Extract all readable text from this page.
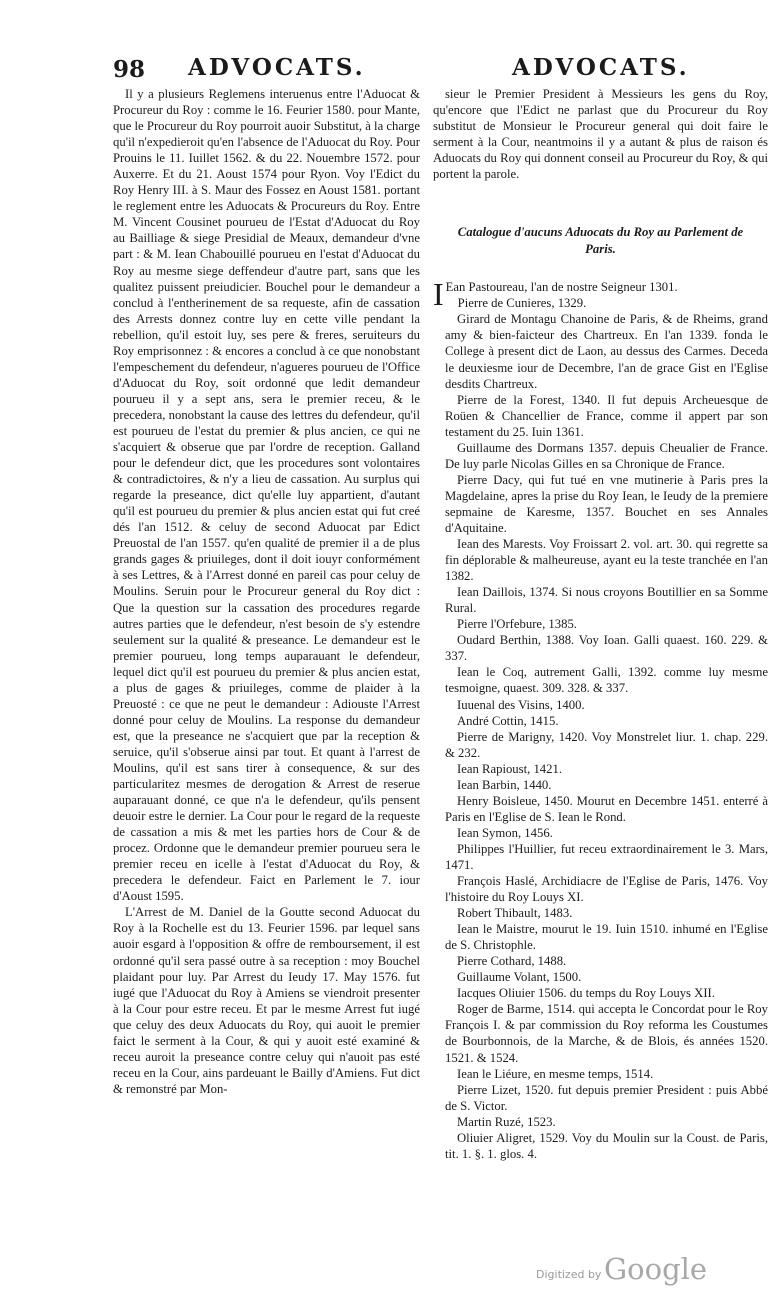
98 ADVOCATS.	ADVOCATS.

Il y a plusieurs Reglemens interuenus entre l'Aduocat & Procureur du Roy : comme le 16. Feurier 1580. pour Mante, que le Procureur du Roy pourroit auoir Substitut, à la charge qu'il n'expedieroit qu'en l'absence de l'Aduocat du Roy. Pour Prouins le 11. Iuillet 1562. & du 22. Nouembre 1572. pour Auxerre. Et du 21. Aoust 1574 pour Ryon. Voy l'Edict du Roy Henry III. à S. Maur des Fossez en Aoust 1581. portant le reglement entre les Aduocats & Procureurs du Roy. Entre M. Vincent Cousinet pourueu de l'Estat d'Aduocat du Roy au Bailliage & siege Presidial de Meaux, demandeur d'vne part : & M. Iean Chabouillé pourueu en l'estat d'Aduocat du Roy au mesme siege deffendeur d'autre part, sans que les qualitez puissent preiudicier. Bouchel pour le demandeur a conclud à l'entherinement de sa requeste, afin de cassation des Arrests donnez contre luy en cette ville pendant la rebellion, qu'il estoit luy, ses pere & freres, seruiteurs du Roy emprisonnez : & encores a conclud à ce que nonobstant l'empeschement du defendeur, n'agueres pourueu de l'Office d'Aduocat du Roy, soit ordonné que ledit demandeur pourueu il y a sept ans, sera le premier receu, & le precedera, nonobstant la cause des lettres du defendeur, qu'il est pourueu de l'estat du premier & plus ancien, ce qui ne s'acquiert & obserue que par l'ordre de reception. Galland pour le defendeur dict, que les procedures sont volontaires & contradictoires, & n'y a lieu de cassation. Au surplus qui regarde la preseance, dict qu'elle luy appartient, d'autant qu'il est pourueu du premier & plus ancien estat qui fut creé dés l'an 1512. & celuy de second Aduocat par Edict Preuostal de l'an 1557. qu'en qualité de premier il a de plus grands gages & priuileges, dont il doit iouyr conformément à ses Lettres, & à l'Arrest donné en pareil cas pour celuy de Moulins. Seruin pour le Procureur general du Roy dict : Que la question sur la cassation des procedures regarde autres parties que le defendeur, n'est besoin de s'y estendre seulement sur la qualité & preseance. Le demandeur est le premier pourueu, long temps auparauant le defendeur, lequel dict qu'il est pourueu du premier & plus ancien estat, a plus de gages & priuileges, comme de plaider à la Preuosté : ce que ne peut le demandeur : Adiouste l'Arrest donné pour celuy de Moulins. La response du demandeur est, que la preseance ne s'acquiert que par la reception & seruice, qu'il s'obserue ainsi par tout. Et quant à l'arrest de Moulins, qu'il est sans tirer à consequence, & sur des particularitez mesmes de derogation & Arrest de reserue auparauant donné, ce que n'a le defendeur, qu'ils pensent deuoir estre le dernier. La Cour pour le regard de la requeste de cassation a mis & met les parties hors de Cour & de procez. Ordonne que le demandeur premier pourueu sera le premier receu en icelle à l'estat d'Aduocat du Roy, & precedera le defendeur. Faict en Parlement le 7. iour d'Aoust 1595.

L'Arrest de M. Daniel de la Goutte second Aduocat du Roy à la Rochelle est du 13. Feurier 1596. par lequel sans auoir esgard à l'opposition & offre de remboursement, il est ordonné qu'il sera passé outre à sa reception : moy Bouchel plaidant pour luy. Par Arrest du Ieudy 17. May 1576. fut iugé que l'Aduocat du Roy à Amiens se viendroit presenter à la Cour pour estre receu. Et par le mesme Arrest fut iugé que celuy des deux Aduocats du Roy, qui auoit le premier faict le serment à la Cour, & qui y auoit esté examiné & receu auroit la preseance contre celuy qui n'auoit pas esté receu en la Cour, ains pardeuant le Bailly d'Amiens. Fut dict & remonstré par Mon-

sieur le Premier President à Messieurs les gens du Roy, qu'encore que l'Edict ne parlast que du Procureur du Roy substitut de Monsieur le Procureur general qui doit faire le serment à la Cour, neantmoins il y a autant & plus de raison és Aduocats du Roy qui donnent conseil au Procureur du Roy, & qui portent la parole.

Catalogue d'aucuns Aduocats du Roy au Parlement de Paris.

I Ean Pastoureau, l'an de nostre Seigneur 1301.

Pierre de Cunieres, 1329.

Girard de Montagu Chanoine de Paris, & de Rheims, grand amy & bien-faicteur des Chartreux. En l'an 1339. fonda le College à present dict de Laon, au dessus des Carmes. Deceda le deuxiesme iour de Decembre, l'an de grace Gist en l'Eglise desdits Chartreux.

Pierre de la Forest, 1340. Il fut depuis Archeuesque de Roüen & Chancellier de France, comme il appert par son testament du 25. Iuin 1361.

Guillaume des Dormans 1357. depuis Cheualier de France. De luy parle Nicolas Gilles en sa Chronique de France.

Pierre Dacy, qui fut tué en vne mutinerie à Paris pres la Magdelaine, apres la prise du Roy Iean, le Ieudy de la premiere sepmaine de Karesme, 1357. Bouchet en ses Annales d'Aquitaine.

Iean des Marests. Voy Froissart 2. vol. art. 30. qui regrette sa fin déplorable & malheureuse, ayant eu la teste tranchée en l'an 1382.

Iean Daillois, 1374. Si nous croyons Boutillier en sa Somme Rural.

Pierre l'Orfebure, 1385.

Oudard Berthin, 1388. Voy Ioan. Galli quaest. 160. 229. & 337.

Iean le Coq, autrement Galli, 1392. comme luy mesme tesmoigne, quaest. 309. 328. & 337.

Iuuenal des Visins, 1400.

André Cottin, 1415.

Pierre de Marigny, 1420. Voy Monstrelet liur. 1. chap. 229. & 232.

Iean Rapioust, 1421.

Iean Barbin, 1440.

Henry Boisleue, 1450. Mourut en Decembre 1451. enterré à Paris en l'Eglise de S. Iean le Rond.

Iean Symon, 1456.

Philippes l'Huillier, fut receu extraordinairement le 3. Mars, 1471.

François Haslé, Archidiacre de l'Eglise de Paris, 1476. Voy l'histoire du Roy Louys XI.

Robert Thibault, 1483.

Iean le Maistre, mourut le 19. Iuin 1510. inhumé en l'Eglise de S. Christophle.

Pierre Cothard, 1488.

Guillaume Volant, 1500.

Iacques Oliuier 1506. du temps du Roy Louys XII.

Roger de Barme, 1514. qui accepta le Concordat pour le Roy François I. & par commission du Roy reforma les Coustumes de Bourbonnois, de la Marche, & de Blois, és années 1520. 1521. & 1524.

Iean le Liéure, en mesme temps, 1514.

Pierre Lizet, 1520. fut depuis premier President : puis Abbé de S. Victor.

Martin Ruzé, 1523.

Oliuier Aligret, 1529. Voy du Moulin sur la Coust. de Paris, tit. 1. §. 1. glos. 4.

Digitized by Google
